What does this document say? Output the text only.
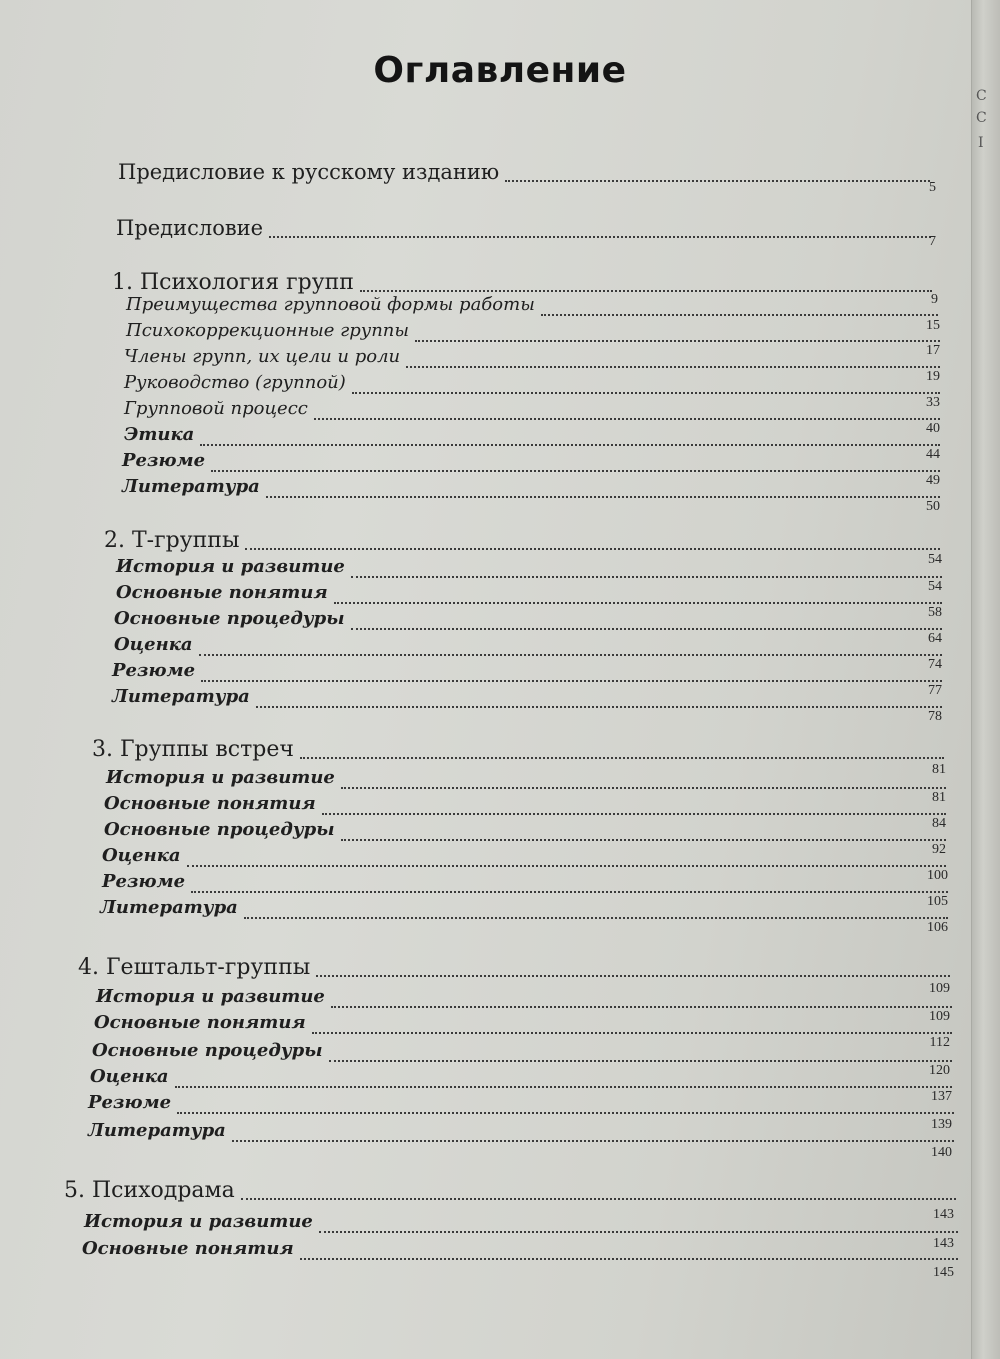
С
С
I
Оглавление
Предисловие к русскому изданию
5
Предисловие
7
1. Психология групп
9
Преимущества групповой формы работы
15
Психокоррекционные группы
17
Члены групп, их цели и роли
19
Руководство (группой)
33
Групповой процесс
40
Этика
44
Резюме
49
Литература
50
2. Т-группы
54
История и развитие
54
Основные понятия
58
Основные процедуры
64
Оценка
74
Резюме
77
Литература
78
3. Группы встреч
81
История и развитие
81
Основные понятия
84
Основные процедуры
92
Оценка
100
Резюме
105
Литература
106
4. Гештальт-группы
109
История и развитие
109
Основные понятия
112
Основные процедуры
120
Оценка
137
Резюме
139
Литература
140
5. Психодрама
143
История и развитие
143
Основные понятия
145
